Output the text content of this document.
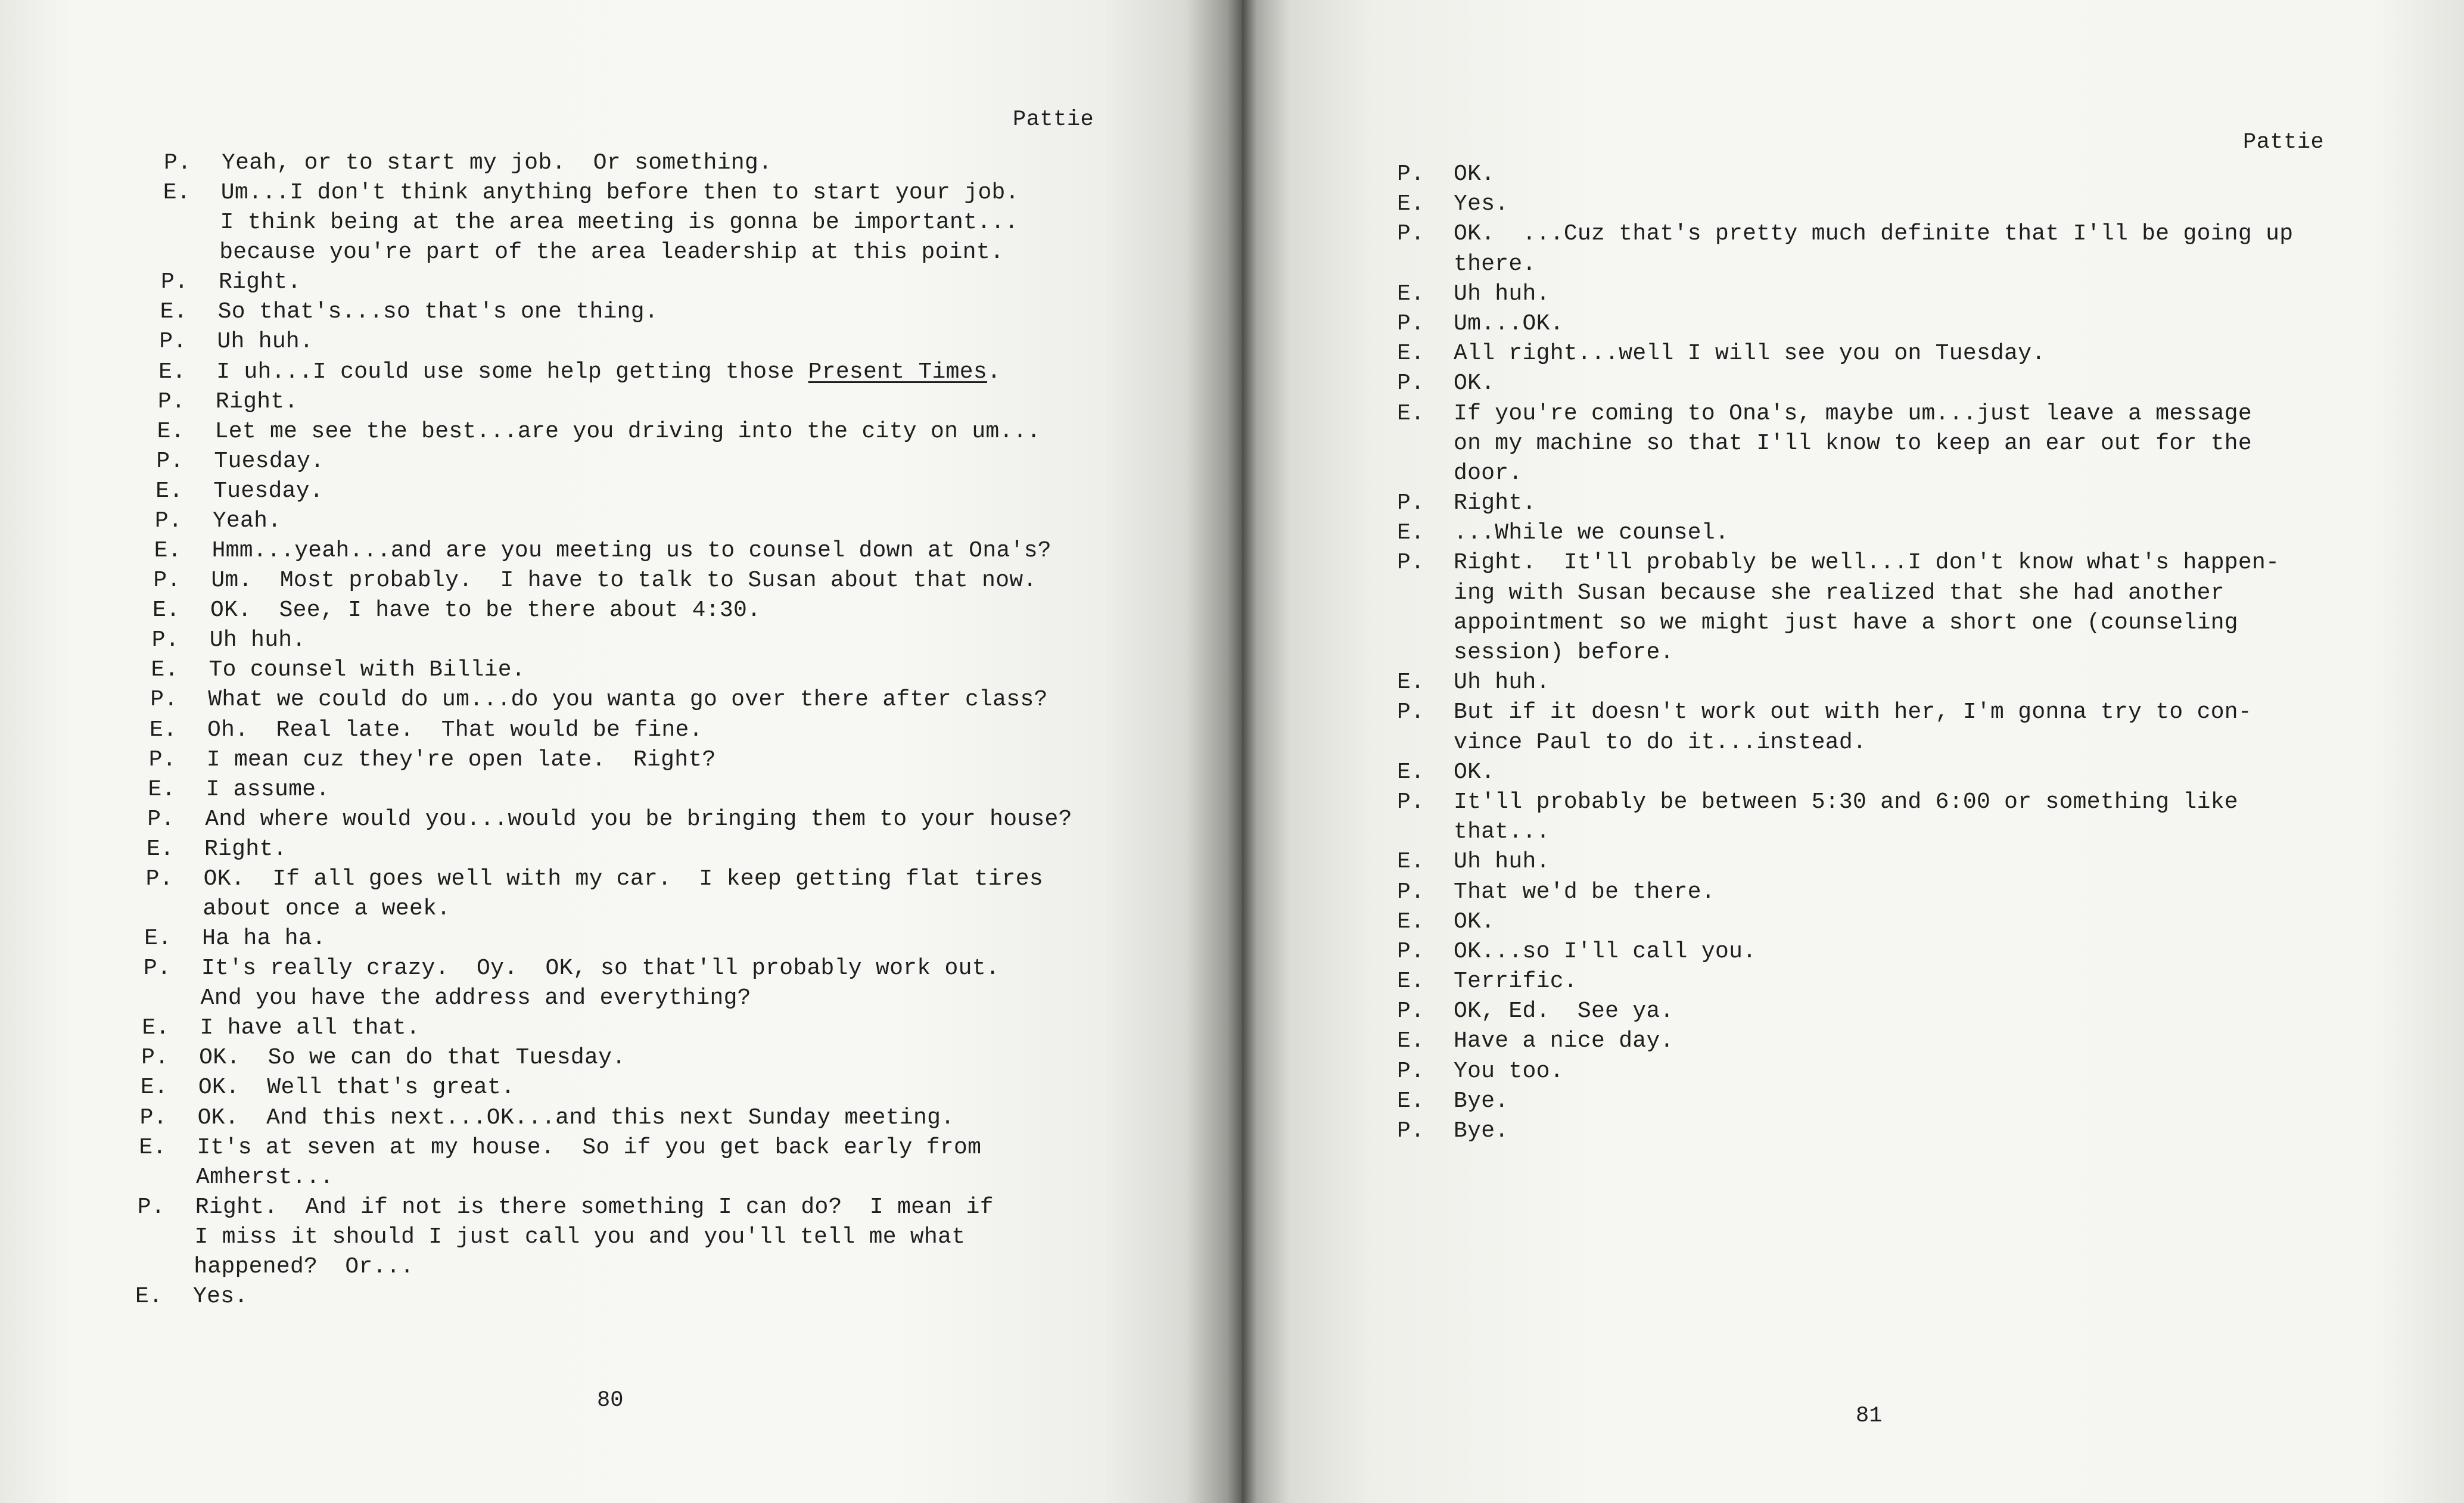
Pattie
P. Yeah, or to start my job.  Or something.
E. Um...I don't think anything before then to start your job.
I think being at the area meeting is gonna be important...
because you're part of the area leadership at this point.
P. Right.
E. So that's...so that's one thing.
P. Uh huh.
E. I uh...I could use some help getting those Present Times.
P. Right.
E. Let me see the best...are you driving into the city on um...
P. Tuesday.
E. Tuesday.
P. Yeah.
E. Hmm...yeah...and are you meeting us to counsel down at Ona's?
P. Um.  Most probably.  I have to talk to Susan about that now.
E. OK.  See, I have to be there about 4:30.
P. Uh huh.
E. To counsel with Billie.
P. What we could do um...do you wanta go over there after class?
E. Oh.  Real late.  That would be fine.
P. I mean cuz they're open late.  Right?
E. I assume.
P. And where would you...would you be bringing them to your house?
E. Right.
P. OK.  If all goes well with my car.  I keep getting flat tires
about once a week.
E. Ha ha ha.
P. It's really crazy.  Oy.  OK, so that'll probably work out.
And you have the address and everything?
E. I have all that.
P. OK.  So we can do that Tuesday.
E. OK.  Well that's great.
P. OK.  And this next...OK...and this next Sunday meeting.
E. It's at seven at my house.  So if you get back early from
Amherst...
P. Right.  And if not is there something I can do?  I mean if
I miss it should I just call you and you'll tell me what
happened?  Or...
E. Yes.
80
Pattie
P. OK.
E. Yes.
P. OK.  ...Cuz that's pretty much definite that I'll be going up
there.
E. Uh huh.
P. Um...OK.
E. All right...well I will see you on Tuesday.
P. OK.
E. If you're coming to Ona's, maybe um...just leave a message
on my machine so that I'll know to keep an ear out for the
door.
P. Right.
E. ...While we counsel.
P. Right.  It'll probably be well...I don't know what's happen-
ing with Susan because she realized that she had another
appointment so we might just have a short one (counseling
session) before.
E. Uh huh.
P. But if it doesn't work out with her, I'm gonna try to con-
vince Paul to do it...instead.
E. OK.
P. It'll probably be between 5:30 and 6:00 or something like
that...
E. Uh huh.
P. That we'd be there.
E. OK.
P. OK...so I'll call you.
E. Terrific.
P. OK, Ed.  See ya.
E. Have a nice day.
P. You too.
E. Bye.
P. Bye.
81
